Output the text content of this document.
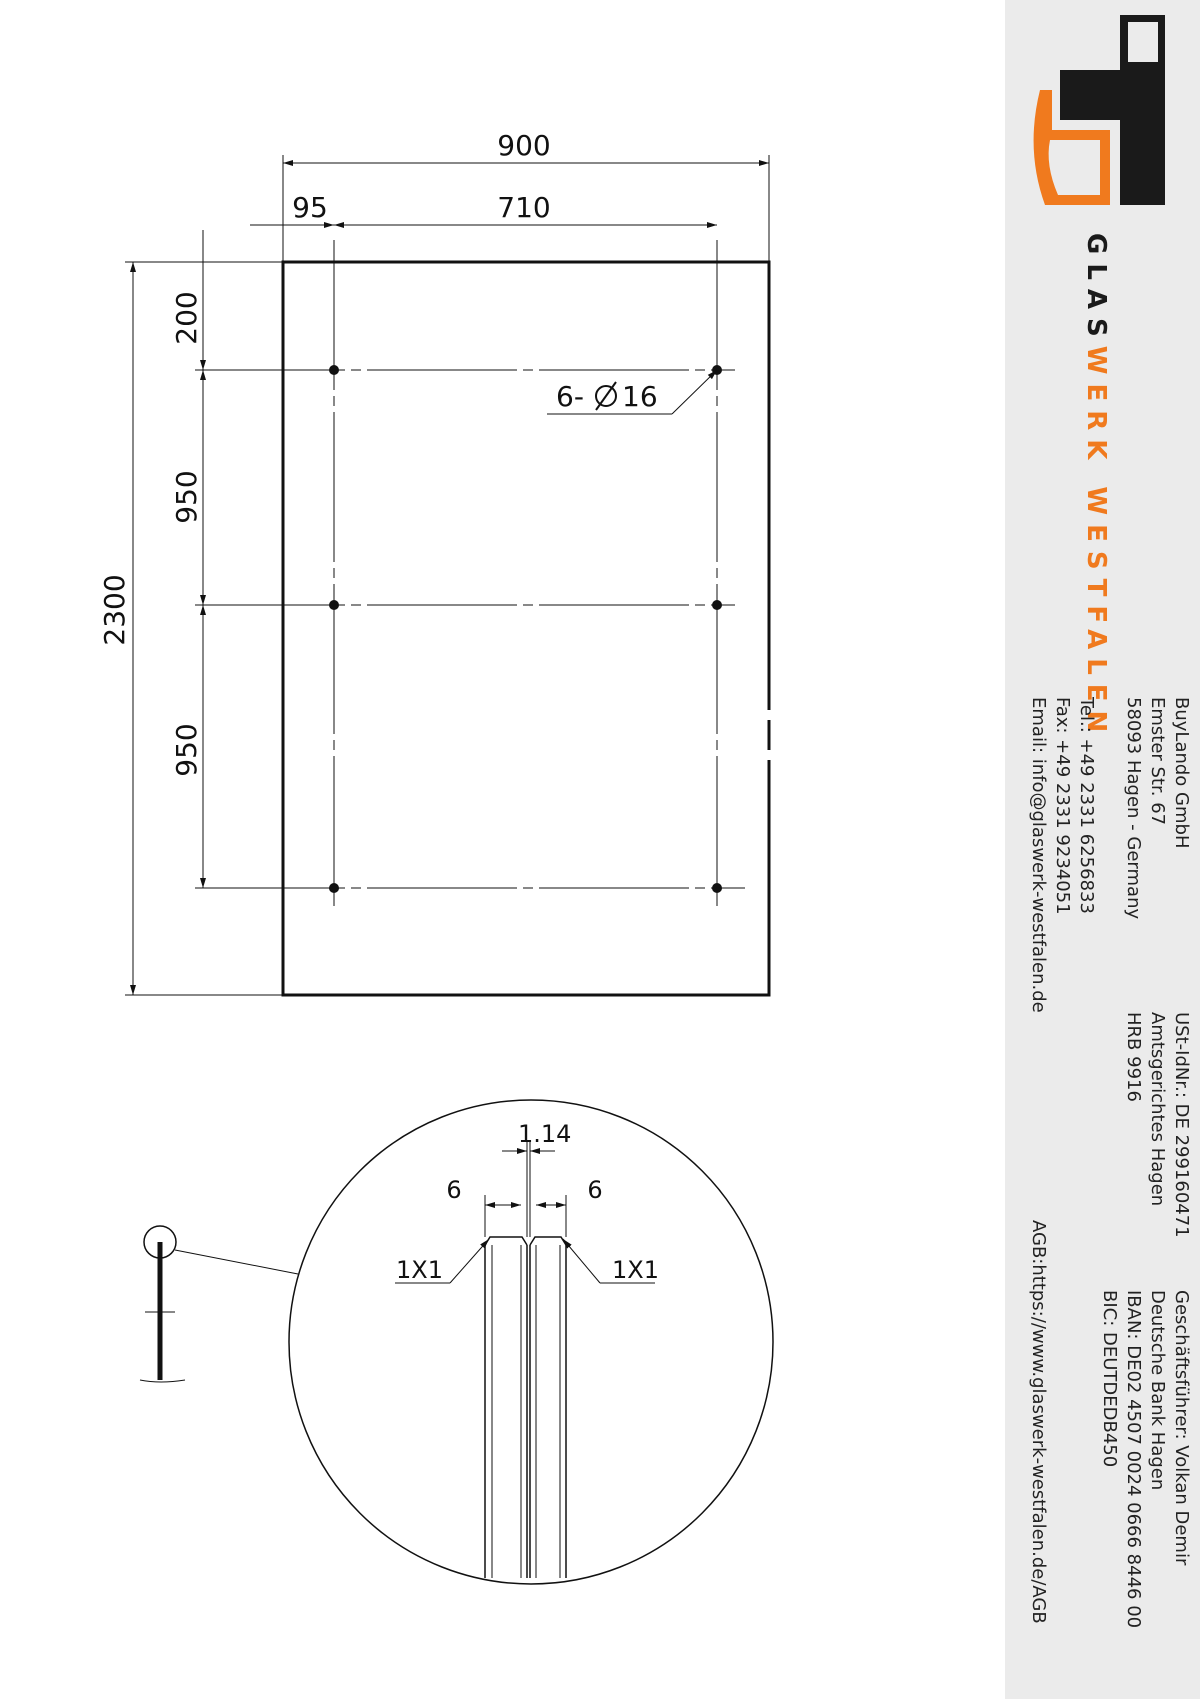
900
95	710
2300
200
950
950
6- 16
1.14
6	6
1X1	1X1
GLASWERK WESTFALEN
BuyLando GmbH
Emster Str. 67
58093 Hagen - Germany
Tel.: +49 2331 6256833
Fax: +49 2331 9234051
Email: info@glaswerk-westfalen.de
USt-IdNr.: DE 299160471
Amtsgerichtes Hagen
HRB 9916
Geschäftsführer: Volkan Demir
Deutsche Bank Hagen
IBAN: DE02 4507 0024 0666 8446 00
BIC: DEUTDEDB450
AGB:https://www.glaswerk-westfalen.de/AGB
